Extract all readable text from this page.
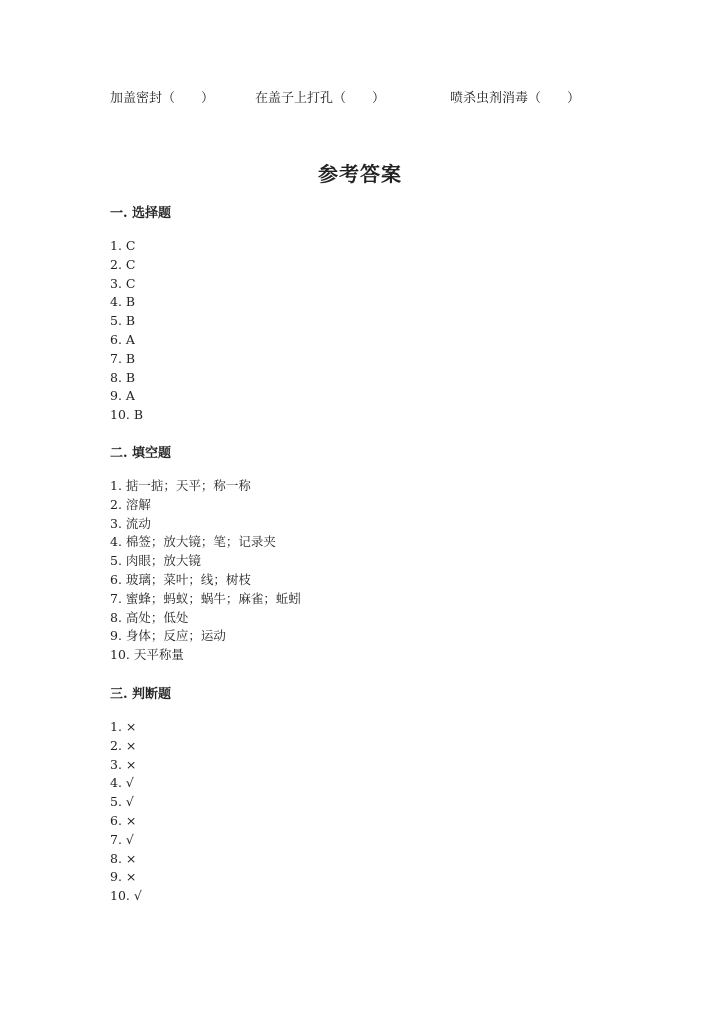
加盖密封（　　）	在盖子上打孔（　　）	喷杀虫剂消毒（　　）
参考答案
一. 选择题
1. C
2. C
3. C
4. B
5. B
6. A
7. B
8. B
9. A
10. B
二. 填空题
1. 掂一掂；天平；称一称
2. 溶解
3. 流动
4. 棉签；放大镜；笔；记录夹
5. 肉眼；放大镜
6. 玻璃；菜叶；线；树枝
7. 蜜蜂；蚂蚁；蜗牛；麻雀；蚯蚓
8. 高处；低处
9. 身体；反应；运动
10. 天平称量
三. 判断题
1. ×
2. ×
3. ×
4. √
5. √
6. ×
7. √
8. ×
9. ×
10. √
